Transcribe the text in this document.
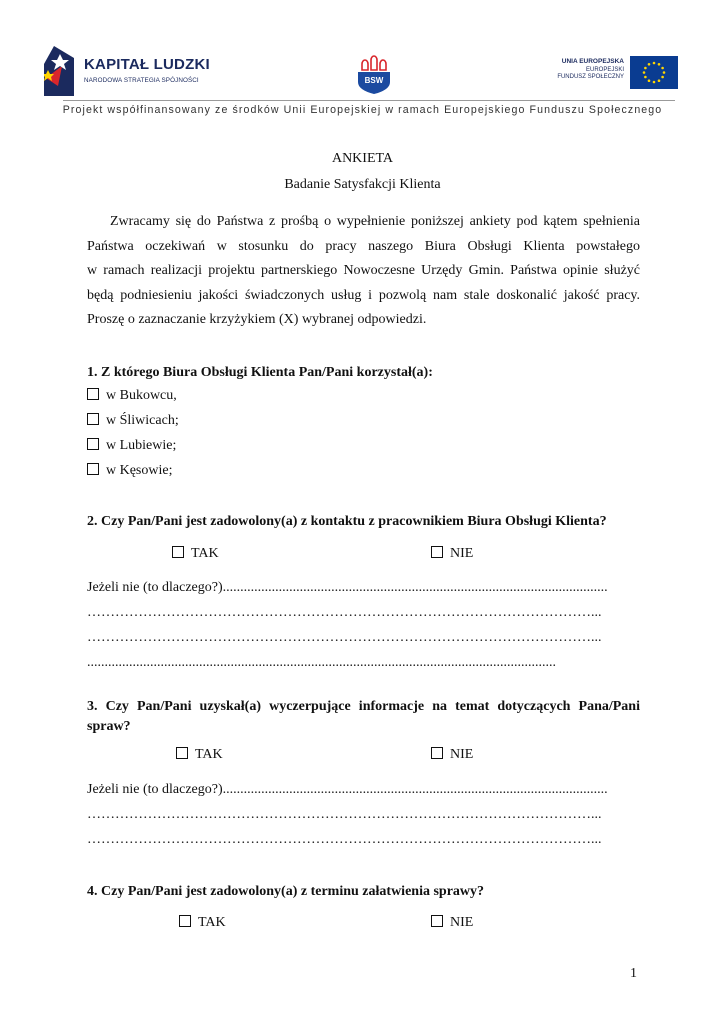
KAPITAŁ LUDZKI
NARODOWA STRATEGIA SPÓJNOŚCI	BSW
UNIA EUROPEJSKA
EUROPEJSKI
FUNDUSZ SPOŁECZNY
Projekt współfinansowany ze środków Unii Europejskiej w ramach Europejskiego Funduszu Społecznego
ANKIETA
Badanie Satysfakcji Klienta
Zwracamy się do Państwa z prośbą o wypełnienie poniższej ankiety pod kątem spełnienia
Państwa oczekiwań w stosunku do pracy naszego Biura Obsługi Klienta powstałego
w ramach realizacji projektu partnerskiego Nowoczesne Urzędy Gmin. Państwa opinie służyć
będą podniesieniu jakości świadczonych usług i pozwolą nam stale doskonalić jakość pracy.
Proszę o zaznaczanie krzyżykiem (X) wybranej odpowiedzi.
1. Z którego Biura Obsługi Klienta Pan/Pani korzystał(a):
w Bukowcu,
w Śliwicach;
w Lubiewie;
w Kęsowie;
2. Czy Pan/Pani jest zadowolony(a) z kontaktu z pracownikiem Biura Obsługi Klienta?
TAK	NIE
Jeżeli nie (to dlaczego?)..............................................................................................................
………………………………………………………………………………………………...
………………………………………………………………………………………………...
......................................................................................................................................
3. Czy Pan/Pani uzyskał(a) wyczerpujące informacje na temat dotyczących Pana/Pani spraw?
TAK	NIE
Jeżeli nie (to dlaczego?)..............................................................................................................
………………………………………………………………………………………………...
………………………………………………………………………………………………...
4. Czy Pan/Pani jest zadowolony(a) z terminu załatwienia sprawy?
TAK	NIE
1
